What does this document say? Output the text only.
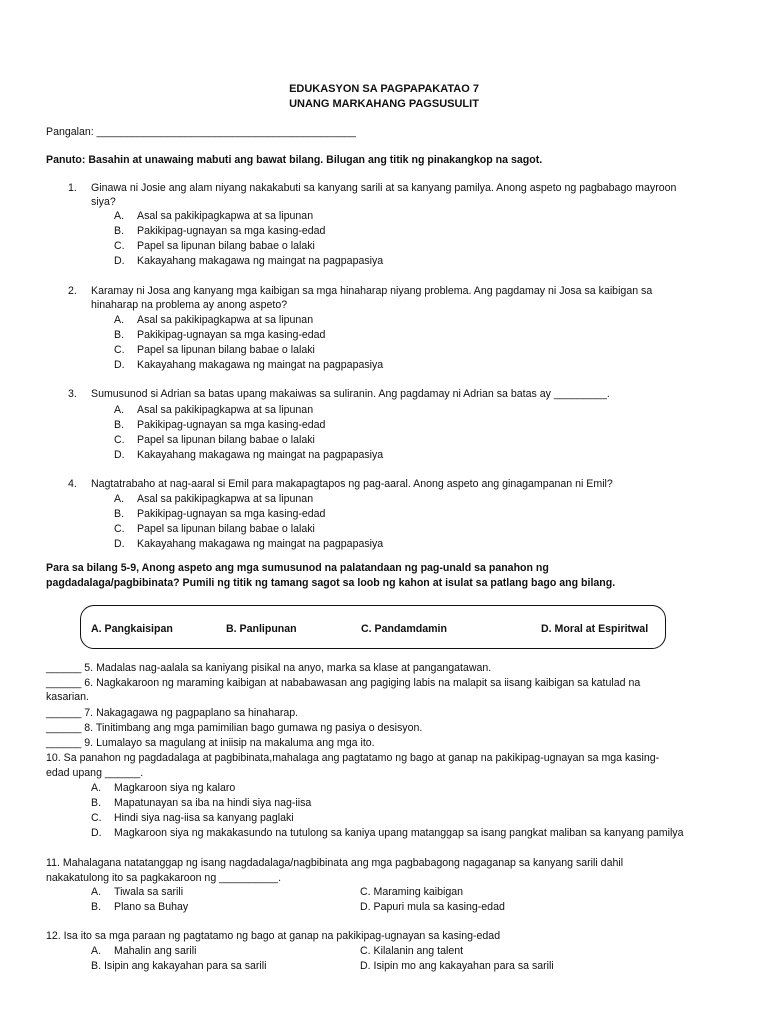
EDUKASYON SA PAGPAPAKATAO 7
UNANG MARKAHANG PAGSUSULIT
Pangalan: ____________________________________________
Panuto: Basahin at unawaing mabuti ang bawat bilang. Bilugan ang titik ng pinakangkop na sagot.
1. Ginawa ni Josie ang alam niyang nakakabuti sa kanyang sarili at sa kanyang pamilya. Anong aspeto ng pagbabago mayroon
siya?
A. Asal sa pakikipagkapwa at sa lipunan
B. Pakikipag-ugnayan sa mga kasing-edad
C. Papel sa lipunan bilang babae o lalaki
D. Kakayahang makagawa ng maingat na pagpapasiya
2. Karamay ni Josa ang kanyang mga kaibigan sa mga hinaharap niyang problema. Ang pagdamay ni Josa sa kaibigan sa
hinaharap na problema ay anong aspeto?
A. Asal sa pakikipagkapwa at sa lipunan
B. Pakikipag-ugnayan sa mga kasing-edad
C. Papel sa lipunan bilang babae o lalaki
D. Kakayahang makagawa ng maingat na pagpapasiya
3. Sumusunod si Adrian sa batas upang makaiwas sa suliranin. Ang pagdamay ni Adrian sa batas ay _________.
A. Asal sa pakikipagkapwa at sa lipunan
B. Pakikipag-ugnayan sa mga kasing-edad
C. Papel sa lipunan bilang babae o lalaki
D. Kakayahang makagawa ng maingat na pagpapasiya
4. Nagtatrabaho at nag-aaral si Emil para makapagtapos ng pag-aaral. Anong aspeto ang ginagampanan ni Emil?
A. Asal sa pakikipagkapwa at sa lipunan
B. Pakikipag-ugnayan sa mga kasing-edad
C. Papel sa lipunan bilang babae o lalaki
D. Kakayahang makagawa ng maingat na pagpapasiya
Para sa bilang 5-9, Anong aspeto ang mga sumusunod na palatandaan ng pag-unald sa panahon ng
pagdadalaga/pagbibinata? Pumili ng titik ng tamang sagot sa loob ng kahon at isulat sa patlang bago ang bilang.
A. Pangkaisipan	B. Panlipunan	C. Pandamdamin	D. Moral at Espiritwal
______ 5. Madalas nag-aalala sa kaniyang pisikal na anyo, marka sa klase at pangangatawan.
______ 6. Nagkakaroon ng maraming kaibigan at nababawasan ang pagiging labis na malapit sa iisang kaibigan sa katulad na
kasarian.
______ 7. Nakagagawa ng pagpaplano sa hinaharap.
______ 8. Tinitimbang ang mga pamimilian bago gumawa ng pasiya o desisyon.
______ 9. Lumalayo sa magulang at iniisip na makaluma ang mga ito.
10. Sa panahon ng pagdadalaga at pagbibinata,mahalaga ang pagtatamo ng bago at ganap na pakikipag-ugnayan sa mga kasing-
edad upang ______.
A. Magkaroon siya ng kalaro
B. Mapatunayan sa iba na hindi siya nag-iisa
C. Hindi siya nag-iisa sa kanyang paglaki
D. Magkaroon siya ng makakasundo na tutulong sa kaniya upang matanggap sa isang pangkat maliban sa kanyang pamilya
11. Mahalagana natatanggap ng isang nagdadalaga/nagbibinata ang mga pagbabagong nagaganap sa kanyang sarili dahil
nakakatulong ito sa pagkakaroon ng __________.
A. Tiwala sa sarili	C. Maraming kaibigan
B. Plano sa Buhay	D. Papuri mula sa kasing-edad
12. Isa ito sa mga paraan ng pagtatamo ng bago at ganap na pakikipag-ugnayan sa kasing-edad
A. Mahalin ang sarili	C. Kilalanin ang talent
B. Isipin ang kakayahan para sa sarili	D. Isipin mo ang kakayahan para sa sarili
